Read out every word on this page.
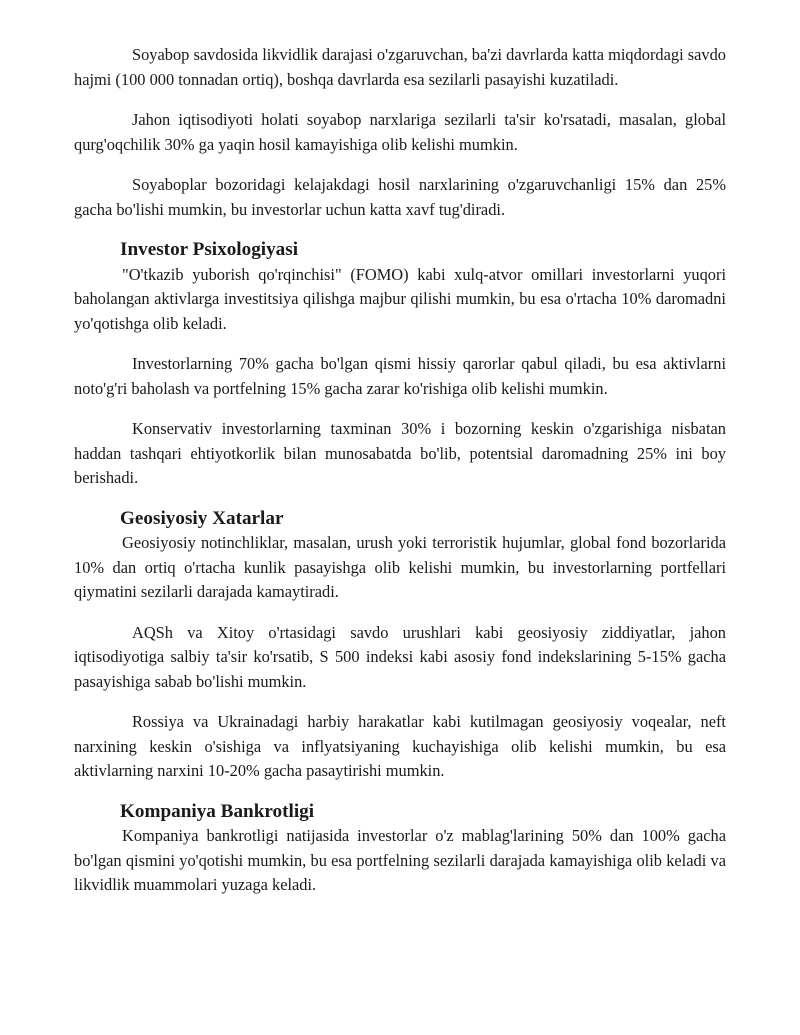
Soyabop savdosida likvidlik darajasi o'zgaruvchan, ba'zi davrlarda katta miqdordagi savdo hajmi (100 000 tonnadan ortiq), boshqa davrlarda esa sezilarli pasayishi kuzatiladi.

Jahon iqtisodiyoti holati soyabop narxlariga sezilarli ta'sir ko'rsatadi, masalan, global qurg'oqchilik 30% ga yaqin hosil kamayishiga olib kelishi mumkin.

Soyaboplar bozoridagi kelajakdagi hosil narxlarining o'zgaruvchanligi 15% dan 25% gacha bo'lishi mumkin, bu investorlar uchun katta xavf tug'diradi.

Investor Psixologiyasi

"O'tkazib yuborish qo'rqinchisi" (FOMO) kabi xulq-atvor omillari investorlarni yuqori baholangan aktivlarga investitsiya qilishga majbur qilishi mumkin, bu esa o'rtacha 10% daromadni yo'qotishga olib keladi.

Investorlarning 70% gacha bo'lgan qismi hissiy qarorlar qabul qiladi, bu esa aktivlarni noto'g'ri baholash va portfelning 15% gacha zarar ko'rishiga olib kelishi mumkin.

Konservativ investorlarning taxminan 30% i bozorning keskin o'zgarishiga nisbatan haddan tashqari ehtiyotkorlik bilan munosabatda bo'lib, potentsial daromadning 25% ini boy berishadi.

Geosiyosiy Xatarlar

Geosiyosiy notinchliklar, masalan, urush yoki terroristik hujumlar, global fond bozorlarida 10% dan ortiq o'rtacha kunlik pasayishga olib kelishi mumkin, bu investorlarning portfellari qiymatini sezilarli darajada kamaytiradi.

AQSh va Xitoy o'rtasidagi savdo urushlari kabi geosiyosiy ziddiyatlar, jahon iqtisodiyotiga salbiy ta'sir ko'rsatib, S 500 indeksi kabi asosiy fond indekslarining 5-15% gacha pasayishiga sabab bo'lishi mumkin.

Rossiya va Ukrainadagi harbiy harakatlar kabi kutilmagan geosiyosiy voqealar, neft narxining keskin o'sishiga va inflyatsiyaning kuchayishiga olib kelishi mumkin, bu esa aktivlarning narxini 10-20% gacha pasaytirishi mumkin.

Kompaniya Bankrotligi

Kompaniya bankrotligi natijasida investorlar o'z mablag'larining 50% dan 100% gacha bo'lgan qismini yo'qotishi mumkin, bu esa portfelning sezilarli darajada kamayishiga olib keladi va likvidlik muammolari yuzaga keladi.
